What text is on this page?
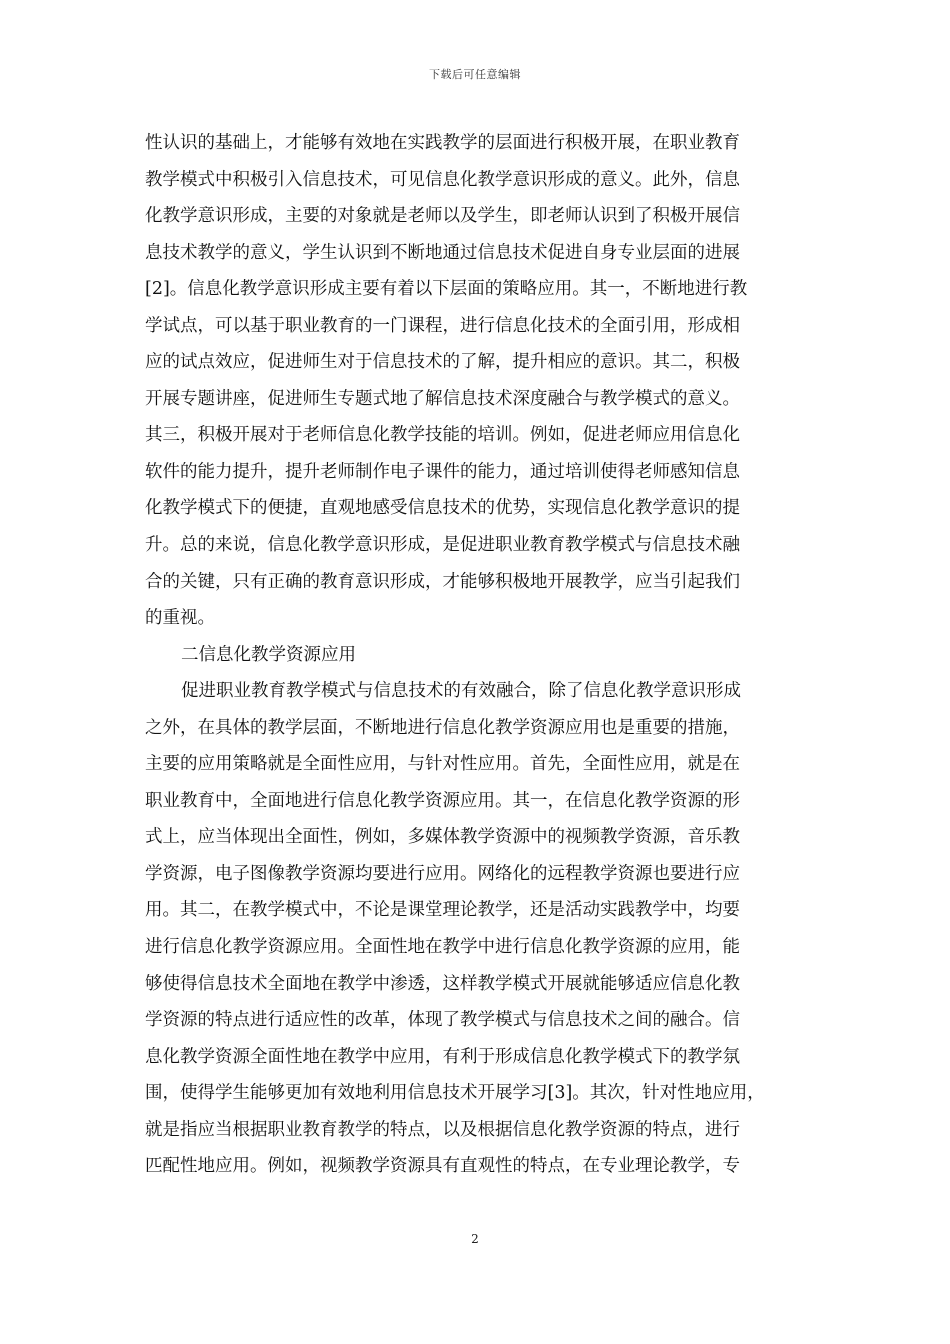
下载后可任意编辑
性认识的基础上，才能够有效地在实践教学的层面进行积极开展，在职业教育
教学模式中积极引入信息技术，可见信息化教学意识形成的意义。此外，信息
化教学意识形成，主要的对象就是老师以及学生，即老师认识到了积极开展信
息技术教学的意义，学生认识到不断地通过信息技术促进自身专业层面的进展
[2]。信息化教学意识形成主要有着以下层面的策略应用。其一，不断地进行教
学试点，可以基于职业教育的一门课程，进行信息化技术的全面引用，形成相
应的试点效应，促进师生对于信息技术的了解，提升相应的意识。其二，积极
开展专题讲座，促进师生专题式地了解信息技术深度融合与教学模式的意义。
其三，积极开展对于老师信息化教学技能的培训。例如，促进老师应用信息化
软件的能力提升，提升老师制作电子课件的能力，通过培训使得老师感知信息
化教学模式下的便捷，直观地感受信息技术的优势，实现信息化教学意识的提
升。总的来说，信息化教学意识形成，是促进职业教育教学模式与信息技术融
合的关键，只有正确的教育意识形成，才能够积极地开展教学，应当引起我们
的重视。
二信息化教学资源应用
促进职业教育教学模式与信息技术的有效融合，除了信息化教学意识形成
之外，在具体的教学层面，不断地进行信息化教学资源应用也是重要的措施，
主要的应用策略就是全面性应用，与针对性应用。首先，全面性应用，就是在
职业教育中，全面地进行信息化教学资源应用。其一，在信息化教学资源的形
式上，应当体现出全面性，例如，多媒体教学资源中的视频教学资源，音乐教
学资源，电子图像教学资源均要进行应用。网络化的远程教学资源也要进行应
用。其二，在教学模式中，不论是课堂理论教学，还是活动实践教学中，均要
进行信息化教学资源应用。全面性地在教学中进行信息化教学资源的应用，能
够使得信息技术全面地在教学中渗透，这样教学模式开展就能够适应信息化教
学资源的特点进行适应性的改革，体现了教学模式与信息技术之间的融合。信
息化教学资源全面性地在教学中应用，有利于形成信息化教学模式下的教学氛
围，使得学生能够更加有效地利用信息技术开展学习[3]。其次，针对性地应用，
就是指应当根据职业教育教学的特点，以及根据信息化教学资源的特点，进行
匹配性地应用。例如，视频教学资源具有直观性的特点，在专业理论教学，专
2
